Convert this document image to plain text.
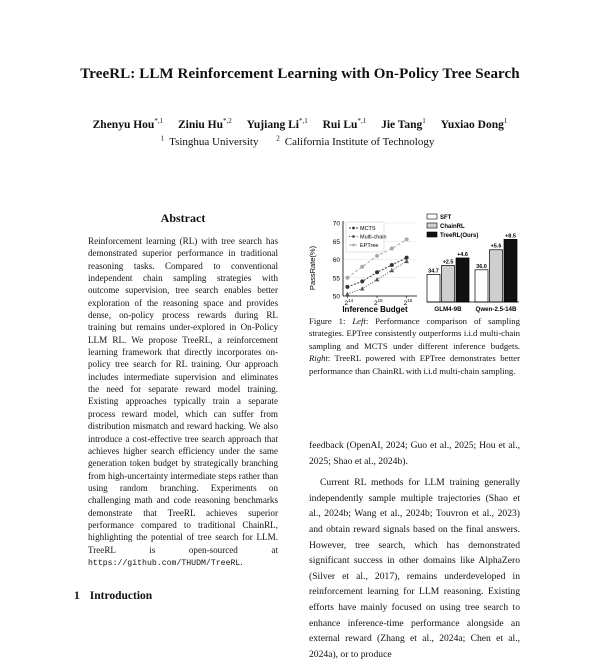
TreeRL: LLM Reinforcement Learning with On-Policy Tree Search
Zhenyu Hou$^{*,1}$ Ziniu $Hu^{*,2}$ Yujiang $Li^{*,1}$ Rui $Lu^{*,1}$ Jie Tang$^1$ Yuxiao Dong$^1$
$^1$ Tsinghua University	$^2$ California Institute of Technology
Abstract
Reinforcement learning (RL) with tree search has demonstrated superior performance in traditional reasoning tasks. Compared to conventional independent chain sampling strategies with outcome supervision, tree search enables better exploration of the reasoning space and provides dense, on-policy process rewards during RL training but remains under-explored in On-Policy LLM RL. We propose TreeRL, a reinforcement learning framework that directly incorporates on-policy tree search for RL training. Our approach includes intermediate supervision and eliminates the need for separate reward model training. Existing approaches typically train a separate process reward model, which can suffer from distribution mismatch and reward hacking. We also introduce a cost-effective tree search approach that achieves higher search efficiency under the same generation token budget by strategically branching from high-uncertainty intermediate steps rather than using random branching. Experiments on challenging math and code reasoning benchmarks demonstrate that TreeRL achieves superior performance compared to traditional ChainRL, highlighting the potential of tree search for LLM. TreeRL is open-sourced at https://github.com/THUDM/TreeRL.
1 Introduction
50
55
60
65
70
$2^{14}$	$2^{15}$	$2^{16}$
MCTS
Multi-chain
EPTree
PassRate(%)
Inference Budget
SFT
ChainRL
TreeRL(Ours)
34.7
+2.5
+4.6
36.0
+5.6
+8.5
GLM4-9B Qwen-2.5-14B
Figure 1: Left: Performance comparison of sampling strategies. EPTree consistently outperforms i.i.d multi-chain sampling and MCTS under different inference budgets. Right: TreeRL powered with EPTree demonstrates better performance than ChainRL with i.i.d multi-chain sampling.

feedback (OpenAI, 2024; Guo et al., 2025; Hou et al., 2025; Shao et al., 2024b).

Current RL methods for LLM training generally independently sample multiple trajectories (Shao et al., 2024b; Wang et al., 2024b; Touvron et al., 2023) and obtain reward signals based on the final answers. However, tree search, which has demonstrated significant success in other domains like AlphaZero (Silver et al., 2017), remains underdeveloped in reinforcement learning for LLM reasoning. Existing efforts have mainly focused on using tree search to enhance inference-time performance alongside an external reward (Zhang et al., 2024a; Chen et al., 2024a), or to produce
